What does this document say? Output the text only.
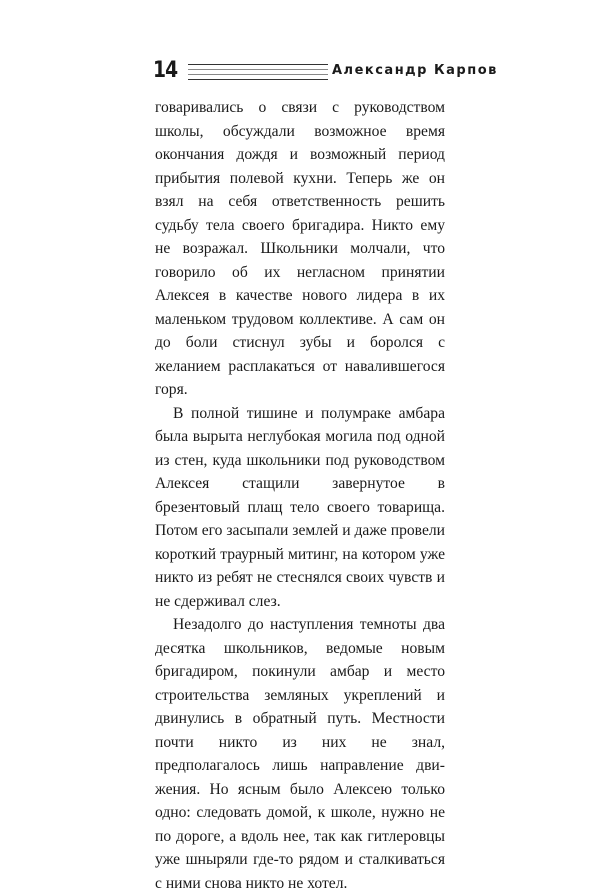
14	Александр Карпов

говаривались о связи с руководством школы, обсуждали возможное время окончания дождя и возможный период прибытия полевой кухни. Теперь же он взял на себя ответственность решить судьбу тела своего бригадира. Никто ему не возражал. Школьники молчали, что говорило об их негласном принятии Алексея в качестве нового лидера в их маленьком трудовом коллективе. А сам он до боли стиснул зубы и боролся с желанием расплакаться от навалившегося горя.

В полной тишине и полумраке амбара была вырыта неглубокая могила под одной из стен, куда школьники под руководством Алексея стащили завернутое в брезентовый плащ тело своего товарища. Потом его засыпали землей и даже провели короткий траурный митинг, на котором уже никто из ребят не стеснялся своих чувств и не сдерживал слез.

Незадолго до наступления темноты два десятка школьников, ведомые новым бригадиром, покинули амбар и место строительства земляных укреплений и двинулись в обратный путь. Местности почти никто из них не знал, предполагалось лишь направление движения. Но ясным было Алексею только одно: следовать домой, к школе, нужно не по дороге, а вдоль нее, так как гитлеровцы уже шныряли где-то рядом и сталкиваться с ними снова никто не хотел.
